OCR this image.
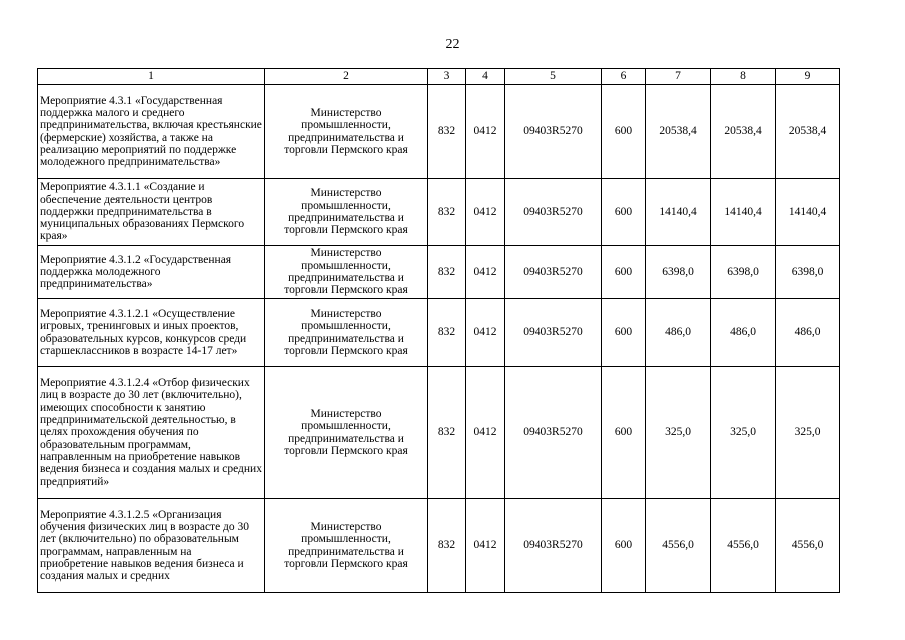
22
1	2	3	4	5	6	7	8	9
Мероприятие 4.3.1 «Государственная поддержка малого и среднего предпринимательства, включая крестьянские (фермерские) хозяйства, а также на реализацию мероприятий по поддержке молодежного предпринимательства»	Министерство промышленности, предпринимательства и торговли Пермского края	832	0412	09403R5270	600	20538,4	20538,4	20538,4
Мероприятие 4.3.1.1 «Создание и обеспечение деятельности центров поддержки предпринимательства в муниципальных образованиях Пермского края»	Министерство промышленности, предпринимательства и торговли Пермского края	832	0412	09403R5270	600	14140,4	14140,4	14140,4
Мероприятие 4.3.1.2 «Государственная поддержка молодежного предпринимательства»	Министерство промышленности, предпринимательства и торговли Пермского края	832	0412	09403R5270	600	6398,0	6398,0	6398,0
Мероприятие 4.3.1.2.1 «Осуществление игровых, тренинговых и иных проектов, образовательных курсов, конкурсов среди старшеклассников в возрасте 14-17 лет»	Министерство промышленности, предпринимательства и торговли Пермского края	832	0412	09403R5270	600	486,0	486,0	486,0
Мероприятие 4.3.1.2.4 «Отбор физических лиц в возрасте до 30 лет (включительно), имеющих способности к занятию предпринимательской деятельностью, в целях прохождения обучения по образовательным программам, направленным на приобретение навыков ведения бизнеса и создания малых и средних предприятий»	Министерство промышленности, предпринимательства и торговли Пермского края	832	0412	09403R5270	600	325,0	325,0	325,0
Мероприятие 4.3.1.2.5 «Организация обучения физических лиц в возрасте до 30 лет (включительно) по образовательным программам, направленным на приобретение навыков ведения бизнеса и создания малых и средних	Министерство промышленности, предпринимательства и торговли Пермского края	832	0412	09403R5270	600	4556,0	4556,0	4556,0
